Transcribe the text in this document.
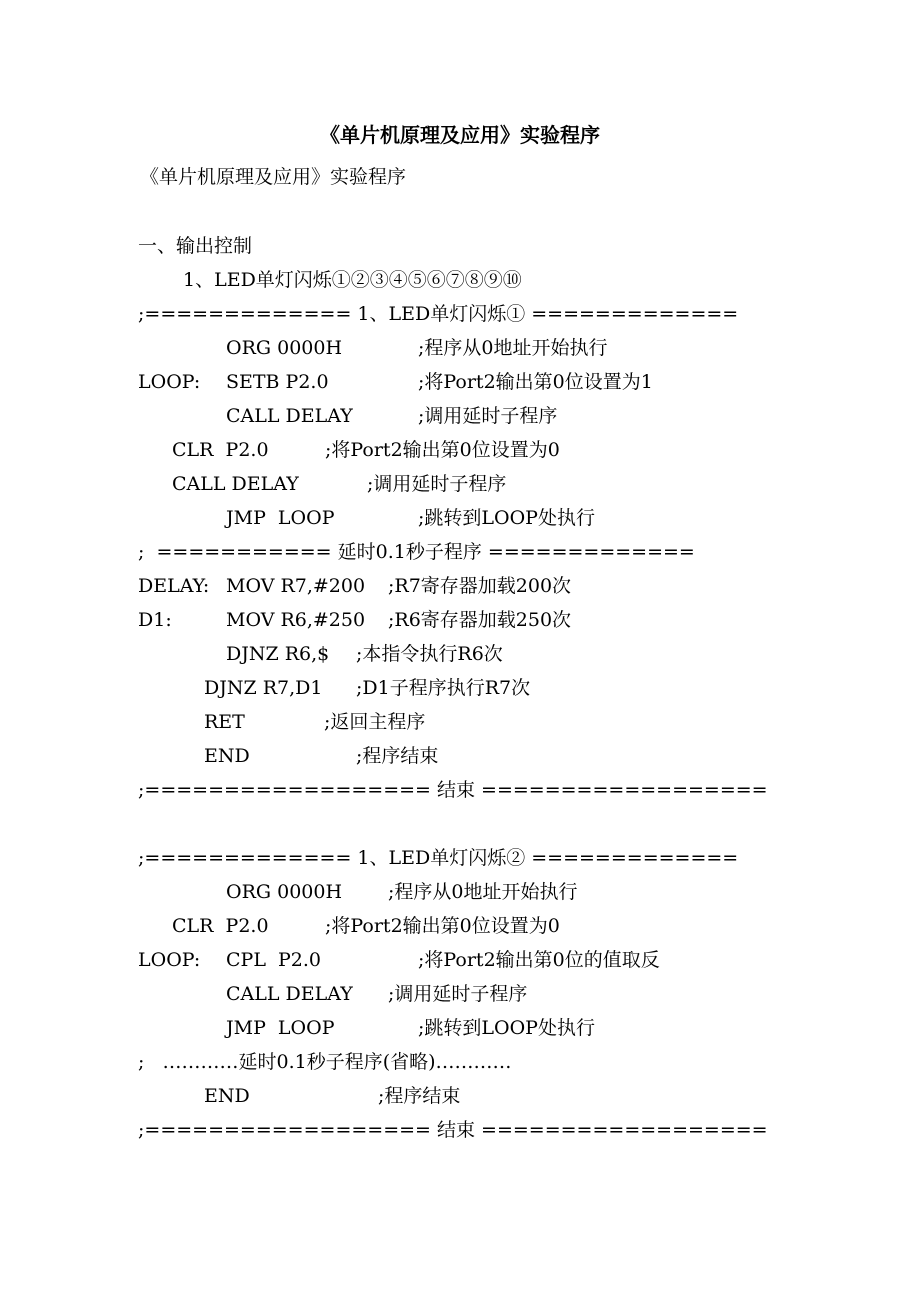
《单片机原理及应用》实验程序
《单片机原理及应用》实验程序
一、输出控制
1、LED单灯闪烁①②③④⑤⑥⑦⑧⑨⑩
;============= 1、LED单灯闪烁① =============

ORG 0000H

	;程序从0地址开始执行

LOOP:

SETB P2.0

	;将Port2输出第0位设置为1

CALL DELAY

	;调用延时子程序

CLR  P2.0

	;将Port2输出第0位设置为0

CALL DELAY

	;调用延时子程序

JMP  LOOP

	;跳转到LOOP处执行

;  =========== 延时0.1秒子程序 =============

DELAY:

MOV R7,#200

;R7寄存器加载200次

D1:

	MOV R6,#250

;R6寄存器加载250次

DJNZ R6,$

;本指令执行R6次

DJNZ R7,D1

;D1子程序执行R7次

RET

	;返回主程序

END

	;程序结束

;================== 结束 ==================
;============= 1、LED单灯闪烁② =============

ORG 0000H

;程序从0地址开始执行

CLR  P2.0

	;将Port2输出第0位设置为0

LOOP:

CPL  P2.0

	;将Port2输出第0位的值取反

CALL DELAY

;调用延时子程序

JMP  LOOP

	;跳转到LOOP处执行

;   …………延时0.1秒子程序(省略)…………

END

	;程序结束

;================== 结束 ==================
